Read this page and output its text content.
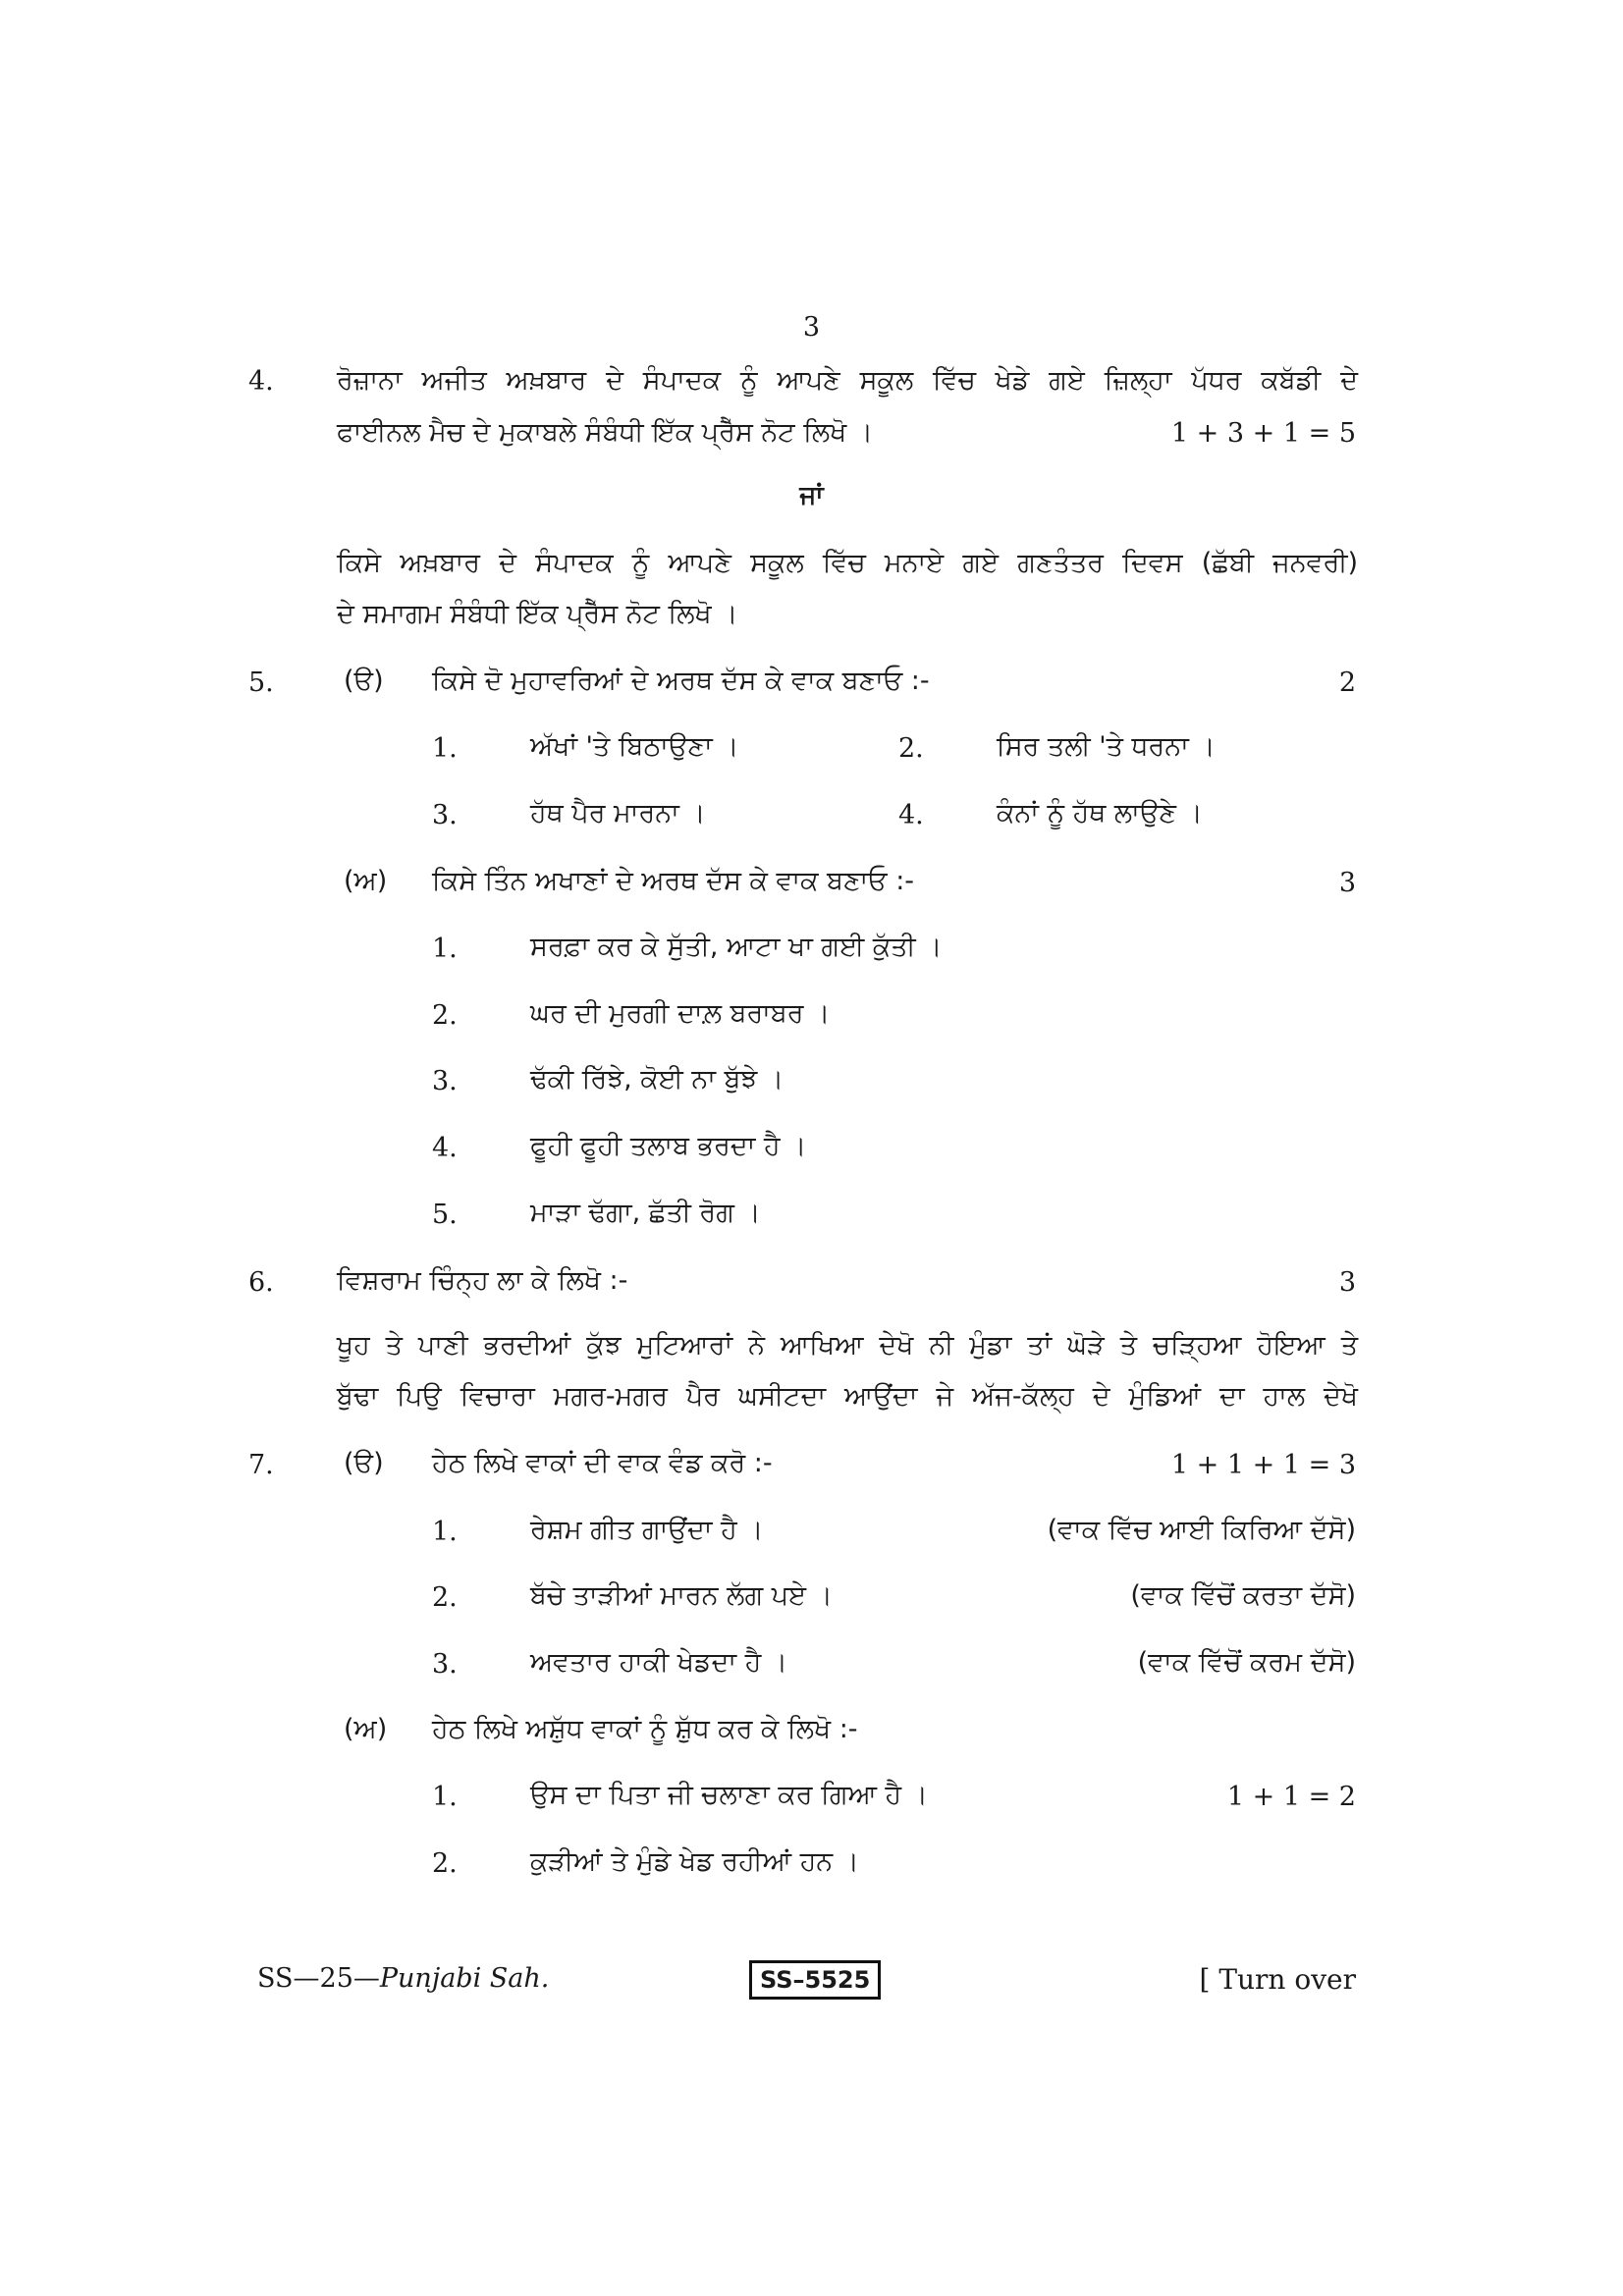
3
4. ਰੋਜ਼ਾਨਾ ਅਜੀਤ ਅਖ਼ਬਾਰ ਦੇ ਸੰਪਾਦਕ ਨੂੰ ਆਪਣੇ ਸਕੂਲ ਵਿੱਚ ਖੇਡੇ ਗਏ ਜ਼ਿਲ੍ਹਾ ਪੱਧਰ ਕਬੱਡੀ ਦੇ
ਫਾਈਨਲ ਮੈਚ ਦੇ ਮੁਕਾਬਲੇ ਸੰਬੰਧੀ ਇੱਕ ਪ੍ਰੈੱਸ ਨੋਟ ਲਿਖੋ ।	1 + 3 + 1 = 5
ਜਾਂ
ਕਿਸੇ ਅਖ਼ਬਾਰ ਦੇ ਸੰਪਾਦਕ ਨੂੰ ਆਪਣੇ ਸਕੂਲ ਵਿੱਚ ਮਨਾਏ ਗਏ ਗਣਤੰਤਰ ਦਿਵਸ (ਛੱਬੀ ਜਨਵਰੀ)
ਦੇ ਸਮਾਗਮ ਸੰਬੰਧੀ ਇੱਕ ਪ੍ਰੈੱਸ ਨੋਟ ਲਿਖੋ ।
5.	(ੳ) ਕਿਸੇ ਦੋ ਮੁਹਾਵਰਿਆਂ ਦੇ ਅਰਥ ਦੱਸ ਕੇ ਵਾਕ ਬਣਾਓ :-	2
1.	ਅੱਖਾਂ 'ਤੇ ਬਿਠਾਉਣਾ ।	2.	ਸਿਰ ਤਲੀ 'ਤੇ ਧਰਨਾ ।
3.	ਹੱਥ ਪੈਰ ਮਾਰਨਾ ।	4.	ਕੰਨਾਂ ਨੂੰ ਹੱਥ ਲਾਉਣੇ ।
(ਅ) ਕਿਸੇ ਤਿੰਨ ਅਖਾਣਾਂ ਦੇ ਅਰਥ ਦੱਸ ਕੇ ਵਾਕ ਬਣਾਓ :-	3
1.	ਸਰਫ਼ਾ ਕਰ ਕੇ ਸੁੱਤੀ, ਆਟਾ ਖਾ ਗਈ ਕੁੱਤੀ ।
2.	ਘਰ ਦੀ ਮੁਰਗੀ ਦਾਲ਼ ਬਰਾਬਰ ।
3.	ਢੱਕੀ ਰਿੱਝੇ, ਕੋਈ ਨਾ ਬੁੱਝੇ ।
4.	ਫੂਹੀ ਫੂਹੀ ਤਲਾਬ ਭਰਦਾ ਹੈ ।
5.	ਮਾੜਾ ਢੱਗਾ, ਛੱਤੀ ਰੋਗ ।
6. ਵਿਸ਼ਰਾਮ ਚਿੰਨ੍ਹ ਲਾ ਕੇ ਲਿਖੋ :-	3
ਖੂਹ ਤੇ ਪਾਣੀ ਭਰਦੀਆਂ ਕੁੱਝ ਮੁਟਿਆਰਾਂ ਨੇ ਆਖਿਆ ਦੇਖੋ ਨੀ ਮੁੰਡਾ ਤਾਂ ਘੋੜੇ ਤੇ ਚੜ੍ਹਿਆ ਹੋਇਆ ਤੇ
ਬੁੱਢਾ ਪਿਉ ਵਿਚਾਰਾ ਮਗਰ-ਮਗਰ ਪੈਰ ਘਸੀਟਦਾ ਆਉਂਦਾ ਜੇ ਅੱਜ-ਕੱਲ੍ਹ ਦੇ ਮੁੰਡਿਆਂ ਦਾ ਹਾਲ ਦੇਖੋ
7.	(ੳ) ਹੇਠ ਲਿਖੇ ਵਾਕਾਂ ਦੀ ਵਾਕ ਵੰਡ ਕਰੋ :-	1 + 1 + 1 = 3
1.	ਰੇਸ਼ਮ ਗੀਤ ਗਾਉਂਦਾ ਹੈ ।	(ਵਾਕ ਵਿੱਚ ਆਈ ਕਿਰਿਆ ਦੱਸੋ)
2.	ਬੱਚੇ ਤਾੜੀਆਂ ਮਾਰਨ ਲੱਗ ਪਏ ।	(ਵਾਕ ਵਿੱਚੋਂ ਕਰਤਾ ਦੱਸੋ)
3.	ਅਵਤਾਰ ਹਾਕੀ ਖੇਡਦਾ ਹੈ ।	(ਵਾਕ ਵਿੱਚੋਂ ਕਰਮ ਦੱਸੋ)
(ਅ) ਹੇਠ ਲਿਖੇ ਅਸ਼ੁੱਧ ਵਾਕਾਂ ਨੂੰ ਸ਼ੁੱਧ ਕਰ ਕੇ ਲਿਖੋ :-
1.	ਉਸ ਦਾ ਪਿਤਾ ਜੀ ਚਲਾਣਾ ਕਰ ਗਿਆ ਹੈ ।	1 + 1 = 2
2.	ਕੁੜੀਆਂ ਤੇ ਮੁੰਡੇ ਖੇਡ ਰਹੀਆਂ ਹਨ ।
SS—25—Punjabi Sah.	SS–5525	[ Turn over
